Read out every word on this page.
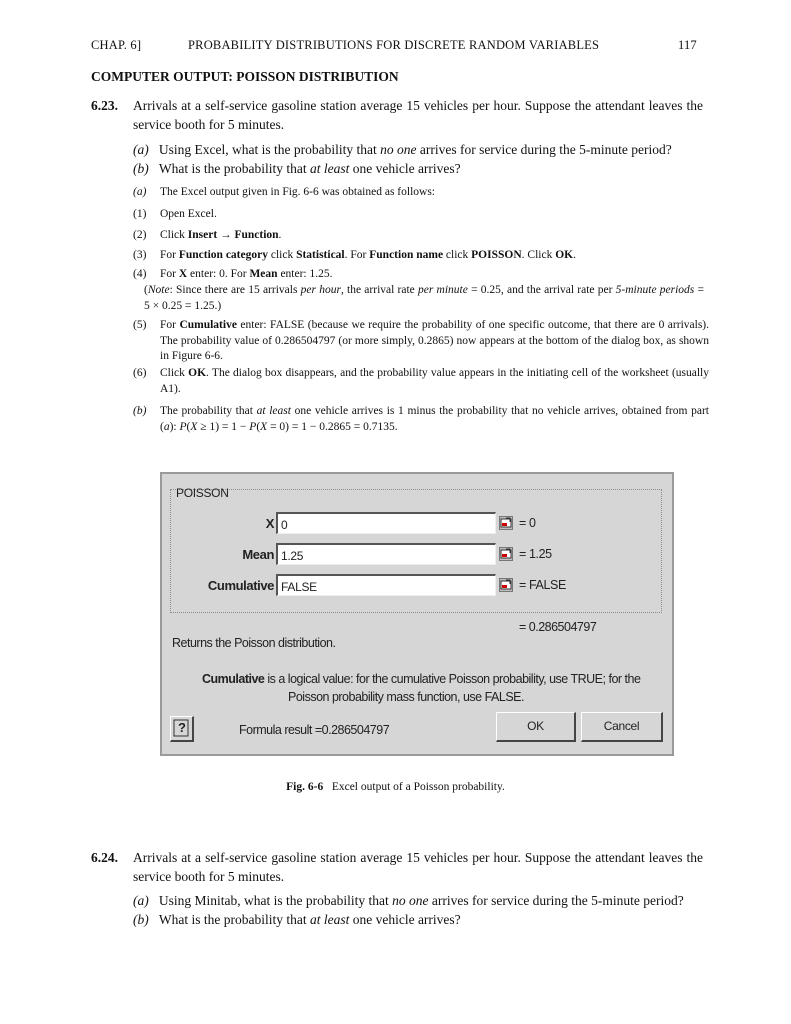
CHAP. 6]	PROBABILITY DISTRIBUTIONS FOR DISCRETE RANDOM VARIABLES	117
COMPUTER OUTPUT: POISSON DISTRIBUTION
6.23. Arrivals at a self-service gasoline station average 15 vehicles per hour. Suppose the attendant leaves the service booth for 5 minutes.
(a) Using Excel, what is the probability that no one arrives for service during the 5-minute period?
(b) What is the probability that at least one vehicle arrives?
(a) The Excel output given in Fig. 6-6 was obtained as follows:
(1) Open Excel.
(2) Click Insert → Function.
(3) For Function category click Statistical. For Function name click POISSON. Click OK.
(4) For X enter: 0. For Mean enter: 1.25.
(Note: Since there are 15 arrivals per hour, the arrival rate per minute = 0.25, and the arrival rate per 5-minute periods = 5 × 0.25 = 1.25.)
(5) For Cumulative enter: FALSE (because we require the probability of one specific outcome, that there are 0 arrivals). The probability value of 0.286504797 (or more simply, 0.2865) now appears at the bottom of the dialog box, as shown in Figure 6-6.
(6) Click OK. The dialog box disappears, and the probability value appears in the initiating cell of the worksheet (usually A1).
(b) The probability that at least one vehicle arrives is 1 minus the probability that no vehicle arrives, obtained from part (a): P(X ≥ 1) = 1 − P(X = 0) = 1 − 0.2865 = 0.7135.
POISSON
X 0	= 0
Mean 1.25	= 1.25
Cumulative FALSE	= FALSE
= 0.286504797
Returns the Poisson distribution.
Cumulative is a logical value: for the cumulative Poisson probability, use TRUE; for the
Poisson probability mass function, use FALSE.
?	Formula result =0.286504797	OK	Cancel
Fig. 6-6 Excel output of a Poisson probability.
6.24. Arrivals at a self-service gasoline station average 15 vehicles per hour. Suppose the attendant leaves the service booth for 5 minutes.
(a) Using Minitab, what is the probability that no one arrives for service during the 5-minute period?
(b) What is the probability that at least one vehicle arrives?
